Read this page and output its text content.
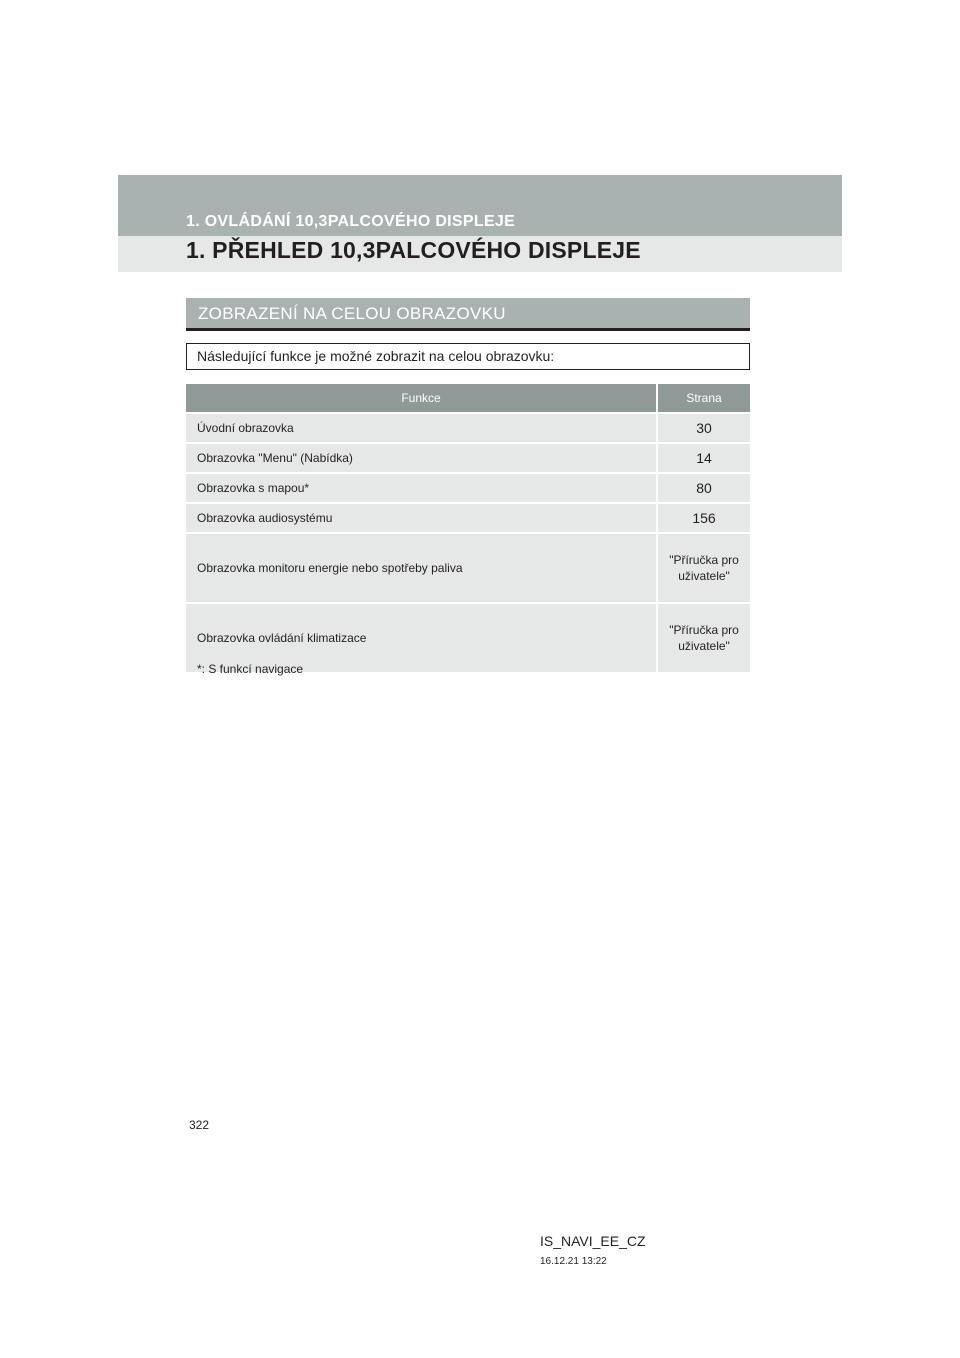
1. OVLÁDÁNÍ 10,3PALCOVÉHO DISPLEJE
1. PŘEHLED 10,3PALCOVÉHO DISPLEJE
ZOBRAZENÍ NA CELOU OBRAZOVKU
Následující funkce je možné zobrazit na celou obrazovku:
Funkce	Strana
Úvodní obrazovka	30
Obrazovka "Menu" (Nabídka)	14
Obrazovka s mapou*	80
Obrazovka audiosystému	156
Obrazovka monitoru energie nebo spotřeby paliva	"Příručka pro uživatele"
Obrazovka ovládání klimatizace	"Příručka pro uživatele"
*: S funkcí navigace
322
IS_NAVI_EE_CZ
16.12.21 13:22
